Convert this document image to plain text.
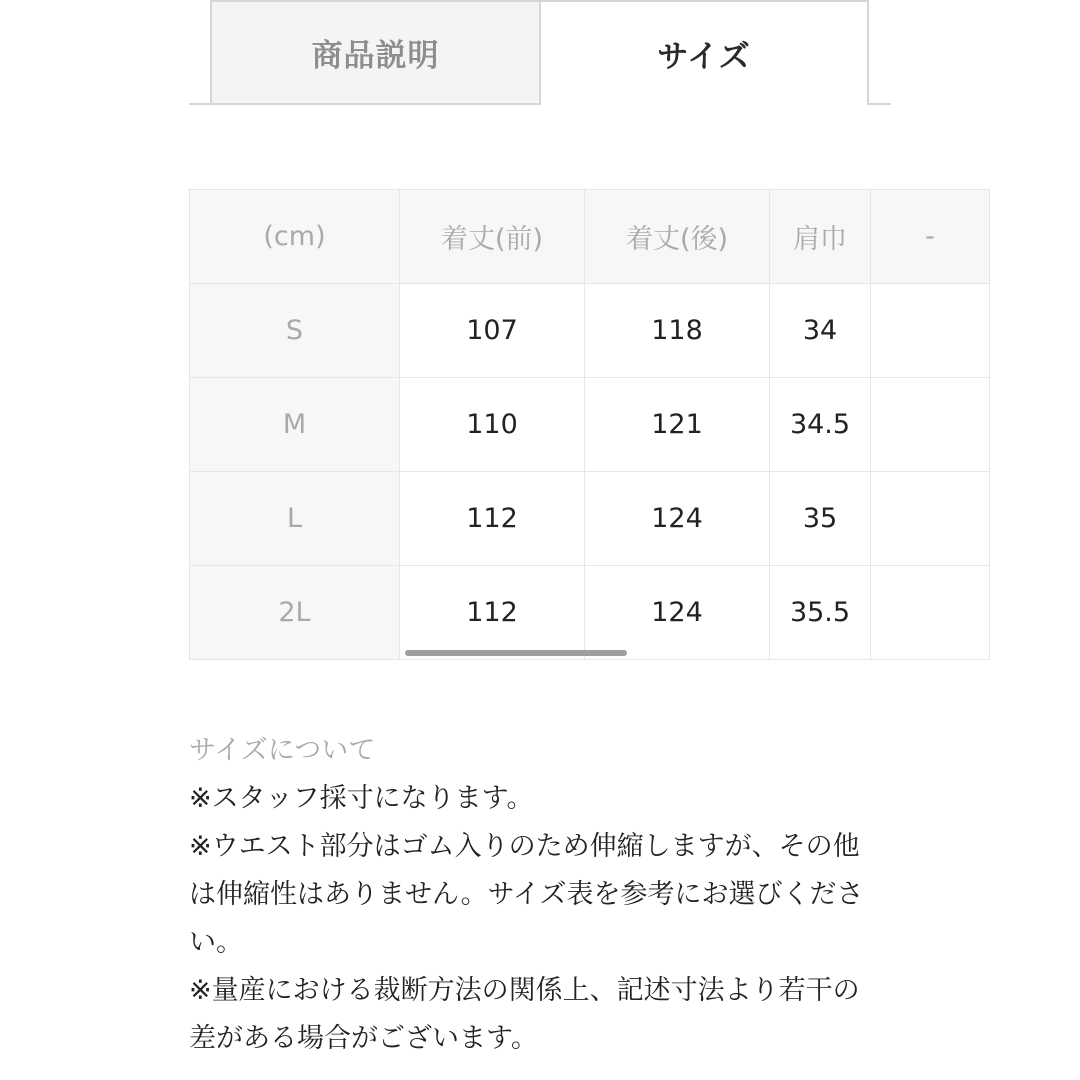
商品説明	サイズ
(cm)	着丈(前)	着丈(後)	肩巾	-
S	107	118	34	
M	110	121	34.5	
L	112	124	35	
2L	112	124	35.5	

サイズについて

※スタッフ採寸になります。

※ウエスト部分はゴム入りのため伸縮しますが、その他

は伸縮性はありません。サイズ表を参考にお選びくださ

い。

※量産における裁断方法の関係上、記述寸法より若干の

差がある場合がございます。
